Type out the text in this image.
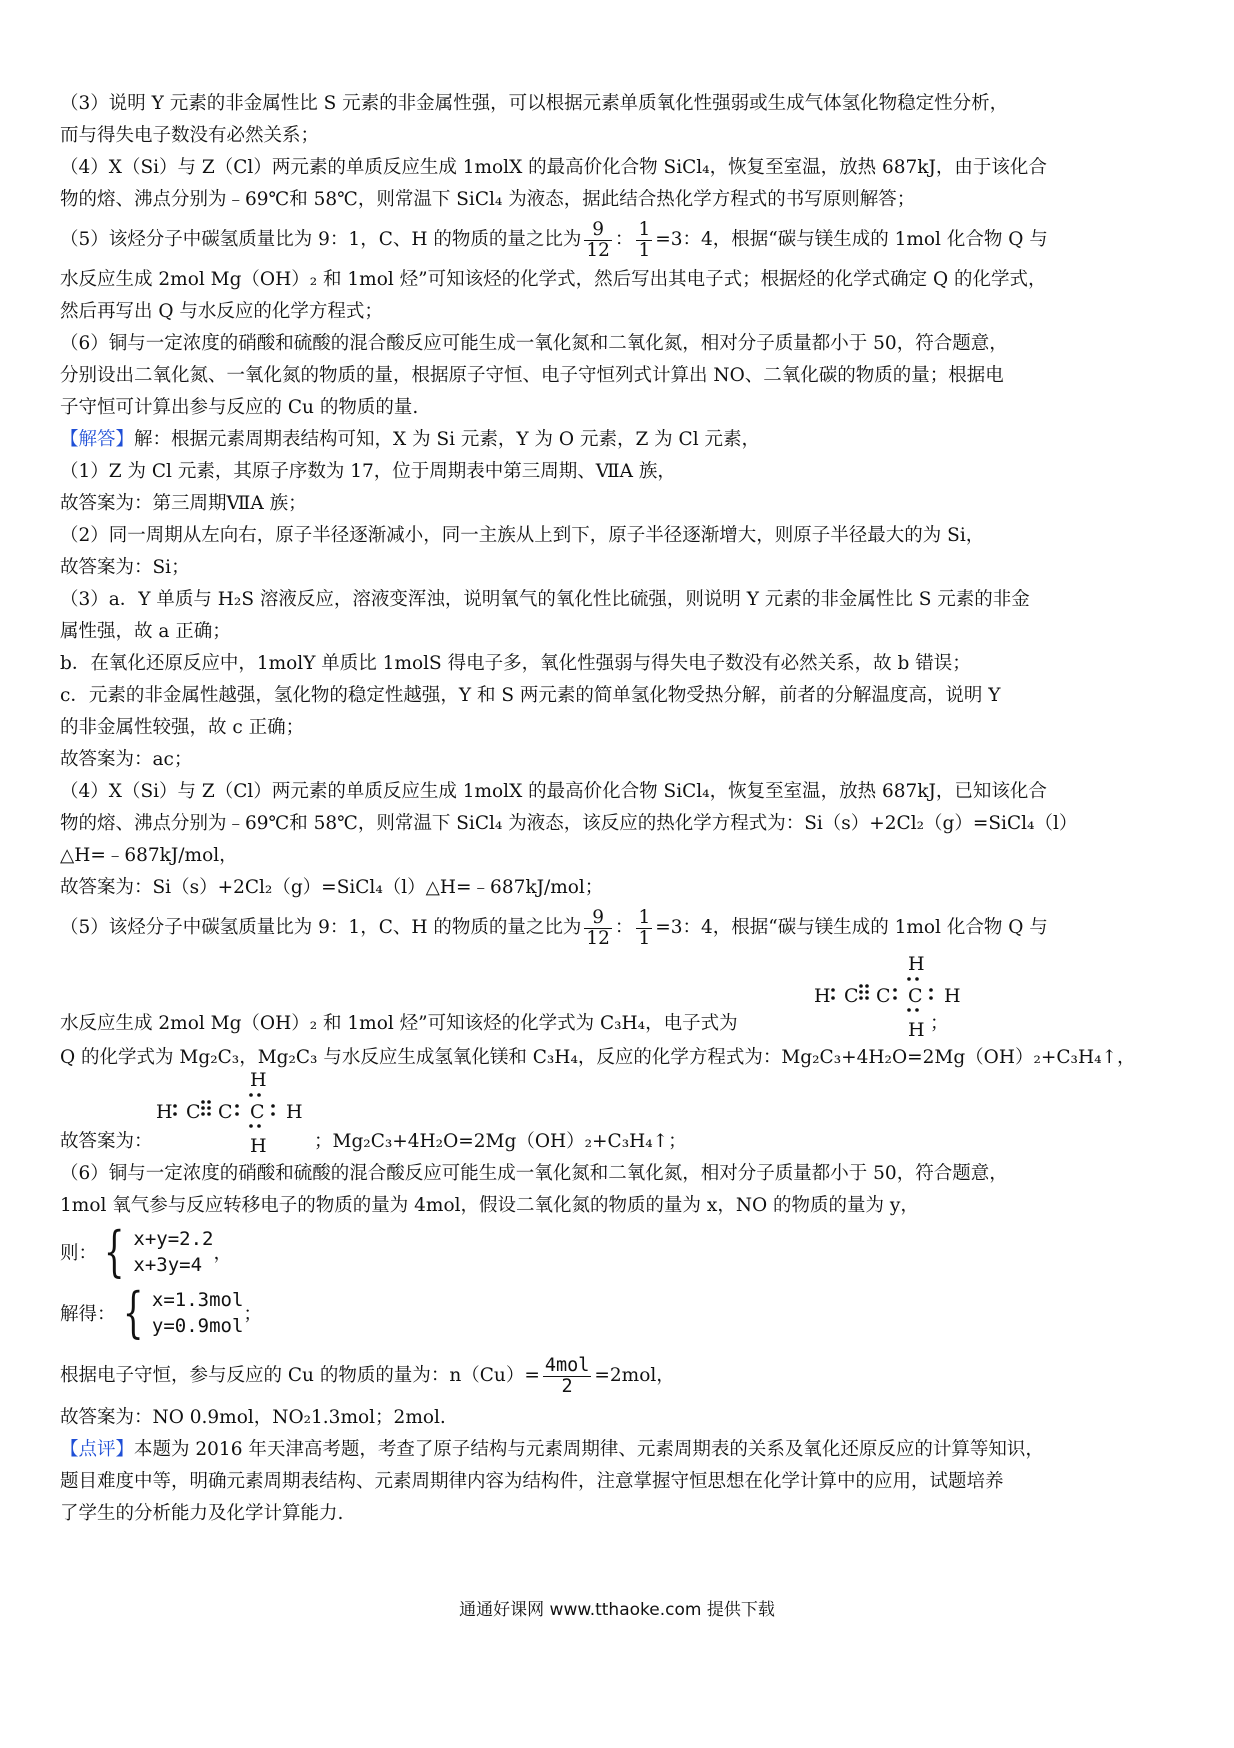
（3）说明 Y 元素的非金属性比 S 元素的非金属性强，可以根据元素单质氧化性强弱或生成气体氢化物稳定性分析，

而与得失电子数没有必然关系；

（4）X（Si）与 Z（Cl）两元素的单质反应生成 1molX 的最高价化合物 SiCl₄，恢复至室温，放热 687kJ，由于该化合

物的熔、沸点分别为﹣69℃和 58℃，则常温下 SiCl₄ 为液态，据此结合热化学方程式的书写原则解答；

（5）该烃分子中碳氢质量比为 9：1，C、H 的物质的量之比为 $\frac{9}{12}$ ： $\frac{1}{1} =3$：4，根据“碳与镁生成的 1mol 化合物 Q 与

水反应生成 2mol Mg（OH）₂ 和 1mol 烃”可知该烃的化学式，然后写出其电子式；根据烃的化学式确定 Q 的化学式，

然后再写出 Q 与水反应的化学方程式；

（6）铜与一定浓度的硝酸和硫酸的混合酸反应可能生成一氧化氮和二氧化氮，相对分子质量都小于 50，符合题意，

分别设出二氧化氮、一氧化氮的物质的量，根据原子守恒、电子守恒列式计算出 NO、二氧化碳的物质的量；根据电

子守恒可计算出参与反应的 Cu 的物质的量.

【解答】解：根据元素周期表结构可知，X 为 Si 元素，Y 为 O 元素，Z 为 Cl 元素，

（1）Z 为 Cl 元素，其原子序数为 17，位于周期表中第三周期、ⅦA 族，

故答案为：第三周期ⅦA 族；

（2）同一周期从左向右，原子半径逐渐减小，同一主族从上到下，原子半径逐渐增大，则原子半径最大的为 Si，

故答案为：Si；

（3）a．Y 单质与 H₂S 溶液反应，溶液变浑浊，说明氧气的氧化性比硫强，则说明 Y 元素的非金属性比 S 元素的非金

属性强，故 a 正确；

b．在氧化还原反应中，1molY 单质比 1molS 得电子多，氧化性强弱与得失电子数没有必然关系，故 b 错误；

c．元素的非金属性越强，氢化物的稳定性越强，Y 和 S 两元素的简单氢化物受热分解，前者的分解温度高，说明 Y

的非金属性较强，故 c 正确；

故答案为：ac；

（4）X（Si）与 Z（Cl）两元素的单质反应生成 1molX 的最高价化合物 SiCl₄，恢复至室温，放热 687kJ，已知该化合

物的熔、沸点分别为﹣69℃和 58℃，则常温下 SiCl₄ 为液态，该反应的热化学方程式为：Si（s）+2Cl₂（g）=SiCl₄（l）

△H=﹣687kJ/mol，

故答案为：Si（s）+2Cl₂（g）=SiCl₄（l）△H=﹣687kJ/mol；

（5）该烃分子中碳氢质量比为 9：1，C、H 的物质的量之比为 $\frac{9}{12}$ ： $\frac{1}{1} =3$：4，根据“碳与镁生成的 1mol 化合物 Q 与

水反应生成 2mol Mg（OH）₂ 和 1mol 烃”可知该烃的化学式为 C₃H₄，电子式为
H C C C H
H
H ；

Q 的化学式为 Mg₂C₃，Mg₂C₃ 与水反应生成氢氧化镁和 C₃H₄，反应的化学方程式为：Mg₂C₃+4H₂O=2Mg（OH）₂+C₃H₄↑，

故答案为：
H C C C H
H
H	；Mg₂C₃+4H₂O=2Mg（OH）₂+C₃H₄↑；

（6）铜与一定浓度的硝酸和硫酸的混合酸反应可能生成一氧化氮和二氧化氮，相对分子质量都小于 50，符合题意，

1mol 氧气参与反应转移电子的物质的量为 4mol，假设二氧化氮的物质的量为 x，NO 的物质的量为 y，

则： { x+y=2.2
x+3y=4
，
解得： { x=1.3mol
y=0.9mol
；

根据电子守恒，参与反应的 Cu 的物质的量为：$n(Cu)= \frac{\text{4mol}}{2} =2mol$，

故答案为：NO 0.9mol，NO₂1.3mol；2mol.

【点评】本题为 2016 年天津高考题，考查了原子结构与元素周期律、元素周期表的关系及氧化还原反应的计算等知识，

题目难度中等，明确元素周期表结构、元素周期律内容为结构件，注意掌握守恒思想在化学计算中的应用，试题培养

了学生的分析能力及化学计算能力.

通通好课网 www.tthaoke.com 提供下载
